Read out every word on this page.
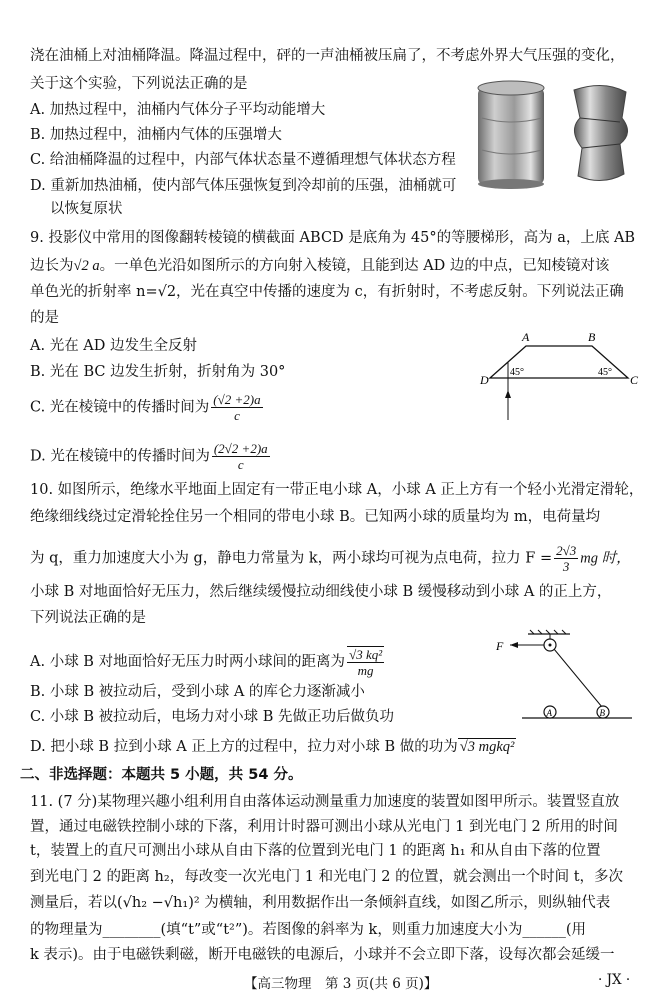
浇在油桶上对油桶降温。降温过程中，砰的一声油桶被压扁了，不考虑外界大气压强的变化，
关于这个实验，下列说法正确的是
A. 加热过程中，油桶内气体分子平均动能增大
B. 加热过程中，油桶内气体的压强增大
C. 给油桶降温的过程中，内部气体状态量不遵循理想气体状态方程
D. 重新加热油桶，使内部气体压强恢复到冷却前的压强，油桶就可
以恢复原状
9. 投影仪中常用的图像翻转棱镜的横截面 ABCD 是底角为 45°的等腰梯形，高为 a，上底 AB
边长为√2 a。一单色光沿如图所示的方向射入棱镜，且能到达 AD 边的中点，已知棱镜对该
单色光的折射率 n=√2，光在真空中传播的速度为 c，有折射时，不考虑反射。下列说法正确
的是
A. 光在 AD 边发生全反射
B. 光在 BC 边发生折射，折射角为 30°
C. 光在棱镜中的传播时间为 $\frac{(√2 +2)a}{c}$
D. 光在棱镜中的传播时间为 $\frac{(2√2 +2)a}{c}$
A	B
C
D
45°	45°
10. 如图所示，绝缘水平地面上固定有一带正电小球 A，小球 A 正上方有一个轻小光滑定滑轮，
绝缘细线绕过定滑轮拴住另一个相同的带电小球 B。已知两小球的质量均为 m，电荷量均
为 q，重力加速度大小为 g，静电力常量为 k，两小球均可视为点电荷，拉力 $F = \frac{2√3}{3}$ mg 时，
小球 B 对地面恰好无压力，然后继续缓慢拉动细线使小球 B 缓慢移动到小球 A 的正上方，
下列说法正确的是
A. 小球 B 对地面恰好无压力时两小球间的距离为 $\frac{\text{√3 kq²}}{mg}$
B. 小球 B 被拉动后，受到小球 A 的库仑力逐渐减小
C. 小球 B 被拉动后，电场力对小球 B 先做正功后做负功
D. 把小球 B 拉到小球 A 正上方的过程中，拉力对小球 B 做的功为 √3 mgkq²
F
A	B
二、非选择题：本题共 5 小题，共 54 分。
11. (7 分)某物理兴趣小组利用自由落体运动测量重力加速度的装置如图甲所示。装置竖直放
置，通过电磁铁控制小球的下落，利用计时器可测出小球从光电门 1 到光电门 2 所用的时间
t，装置上的直尺可测出小球从自由下落的位置到光电门 1 的距离 h₁ 和从自由下落的位置
到光电门 2 的距离 h₂，每改变一次光电门 1 和光电门 2 的位置，就会测出一个时间 t，多次
测量后，若以(√h₂ −√h₁)² 为横轴，利用数据作出一条倾斜直线，如图乙所示，则纵轴代表
的物理量为________(填“t”或“t²”)。若图像的斜率为 k，则重力加速度大小为______(用
k 表示)。由于电磁铁剩磁，断开电磁铁的电源后，小球并不会立即下落，设每次都会延缓一
【高三物理　第 3 页(共 6 页)】	· JX ·
